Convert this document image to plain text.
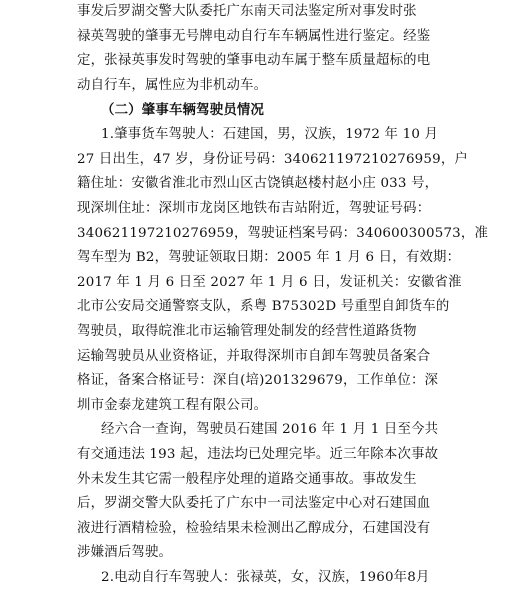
事发后罗湖交警大队委托广东南天司法鉴定所对事发时张
禄英驾驶的肇事无号牌电动自行车车辆属性进行鉴定。经鉴
定，张禄英事发时驾驶的肇事电动车属于整车质量超标的电
动自行车，属性应为非机动车。
（二）肇事车辆驾驶员情况
1.肇事货车驾驶人：石建国，男，汉族，1972 年 10 月
27 日出生，47 岁，身份证号码：340621197210276959，户
籍住址：安徽省淮北市烈山区古饶镇赵楼村赵小庄 033 号，
现深圳住址：深圳市龙岗区地铁布吉站附近，驾驶证号码：
340621197210276959，驾驶证档案号码：340600300573，准
驾车型为 B2，驾驶证领取日期：2005 年 1 月 6 日，有效期：
2017 年 1 月 6 日至 2027 年 1 月 6 日，发证机关：安徽省淮
北市公安局交通警察支队，系粤 B75302D 号重型自卸货车的
驾驶员，取得皖淮北市运输管理处制发的经营性道路货物
运输驾驶员从业资格证，并取得深圳市自卸车驾驶员备案合
格证，备案合格证号：深自(培)201329679，工作单位：深
圳市金泰龙建筑工程有限公司。
经六合一查询，驾驶员石建国 2016 年 1 月 1 日至今共
有交通违法 193 起，违法均已处理完毕。近三年除本次事故
外未发生其它需一般程序处理的道路交通事故。事故发生
后，罗湖交警大队委托了广东中一司法鉴定中心对石建国血
液进行酒精检验，检验结果未检测出乙醇成分，石建国没有
涉嫌酒后驾驶。
2.电动自行车驾驶人：张禄英，女，汉族，1960年8月
